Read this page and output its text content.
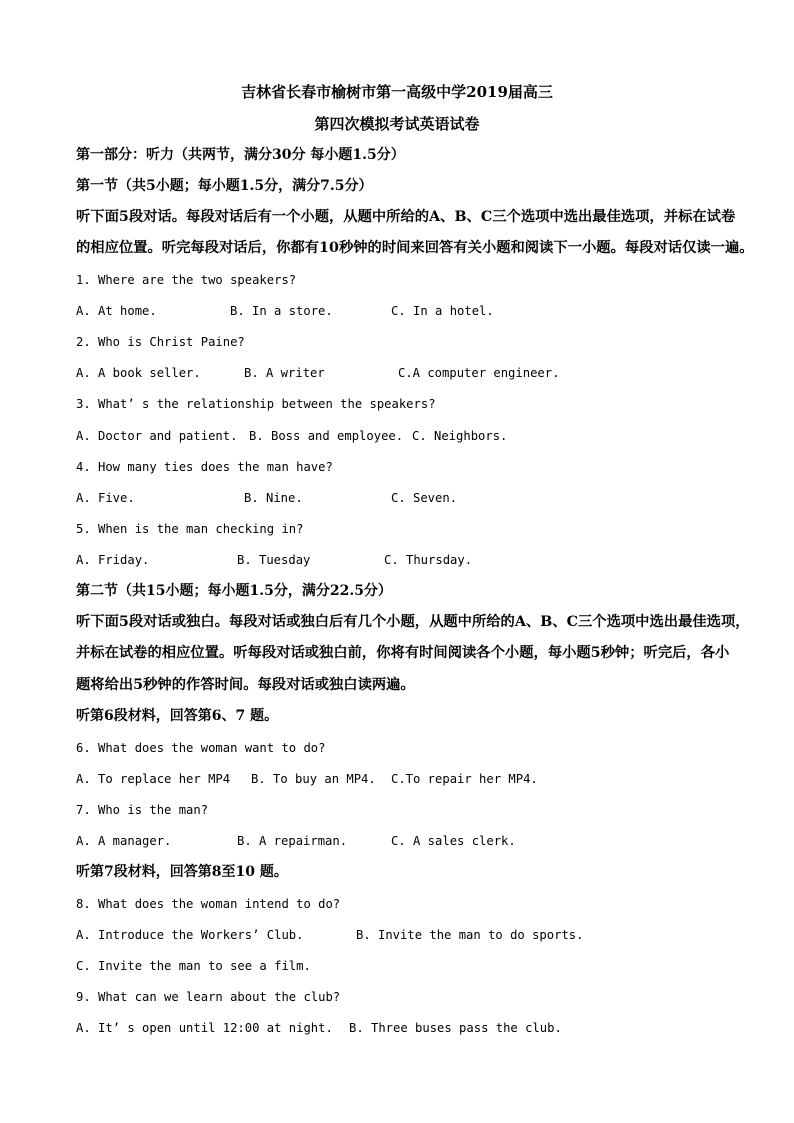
吉林省长春市榆树市第一高级中学2019届高三
第四次模拟考试英语试卷
第一部分：听力（共两节，满分30分 每小题1.5分）
第一节（共5小题；每小题1.5分，满分7.5分）
听下面5段对话。每段对话后有一个小题，从题中所给的A、B、C三个选项中选出最佳选项，并标在试卷
的相应位置。听完每段对话后，你都有10秒钟的时间来回答有关小题和阅读下一小题。每段对话仅读一遍。
1. Where are the two speakers?
A. At home.	B. In a store.	C. In a hotel.
2. Who is Christ Paine?
A. A book seller.	B. A writer	C.A computer engineer.
3. What’ s the relationship between the speakers?
A. Doctor and patient. B. Boss and employee. C. Neighbors.
4. How many ties does the man have?
A. Five.	B. Nine.	C. Seven.
5. When is the man checking in?
A. Friday.	B. Tuesday	C. Thursday.
第二节（共15小题；每小题1.5分，满分22.5分）
听下面5段对话或独白。每段对话或独白后有几个小题，从题中所给的A、B、C三个选项中选出最佳选项，
并标在试卷的相应位置。听每段对话或独白前，你将有时间阅读各个小题，每小题5秒钟；听完后，各小
题将给出5秒钟的作答时间。每段对话或独白读两遍。
听第6段材料，回答第6、7 题。
6. What does the woman want to do?
A. To replace her MP4 B. To buy an MP4. C.To repair her MP4.
7. Who is the man?
A. A manager.	B. A repairman.	C. A sales clerk.
听第7段材料，回答第8至10 题。
8. What does the woman intend to do?
A. Introduce the Workers’ Club.	B. Invite the man to do sports.
C. Invite the man to see a film.
9. What can we learn about the club?
A. It’ s open until 12:00 at night. B. Three buses pass the club.
